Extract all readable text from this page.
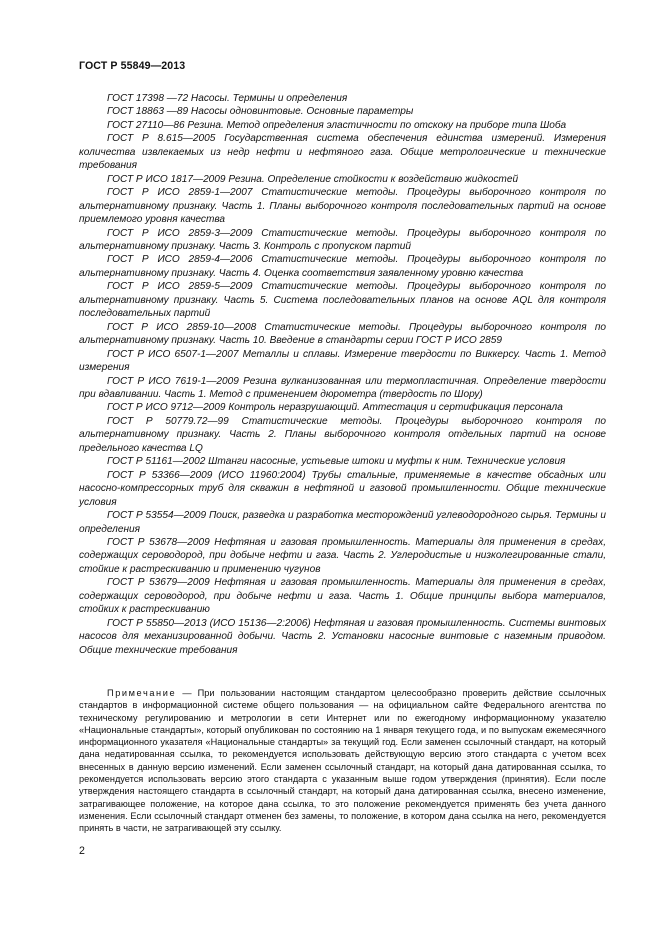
ГОСТ Р 55849—2013

ГОСТ 17398 —72 Насосы. Термины и определения

ГОСТ 18863 —89 Насосы одновинтовые. Основные параметры

ГОСТ 27110—86 Резина. Метод определения эластичности по отскоку на приборе типа Шоба

ГОСТ Р 8.615—2005 Государственная система обеспечения единства измерений. Измерения количества извлекаемых из недр нефти и нефтяного газа. Общие метрологические и технические требования

ГОСТ Р ИСО 1817—2009 Резина. Определение стойкости к воздействию жидкостей

ГОСТ Р ИСО 2859-1—2007 Статистические методы. Процедуры выборочного контроля по альтернативному признаку. Часть 1. Планы выборочного контроля последовательных партий на основе приемлемого уровня качества

ГОСТ Р ИСО 2859-3—2009 Статистические методы. Процедуры выборочного контроля по альтернативному признаку. Часть 3. Контроль с пропуском партий

ГОСТ Р ИСО 2859-4—2006 Статистические методы. Процедуры выборочного контроля по альтернативному признаку. Часть 4. Оценка соответствия заявленному уровню качества

ГОСТ Р ИСО 2859-5—2009 Статистические методы. Процедуры выборочного контроля по альтернативному признаку. Часть 5. Система последовательных планов на основе AQL для контроля последовательных партий

ГОСТ Р ИСО 2859-10—2008 Статистические методы. Процедуры выборочного контроля по альтернативному признаку. Часть 10. Введение в стандарты серии ГОСТ Р ИСО 2859

ГОСТ Р ИСО 6507-1—2007 Металлы и сплавы. Измерение твердости по Виккерсу. Часть 1. Метод измерения

ГОСТ Р ИСО 7619-1—2009 Резина вулканизованная или термопластичная. Определение твердости при вдавливании. Часть 1. Метод с применением дюрометра (твердость по Шору)

ГОСТ Р ИСО 9712—2009 Контроль неразрушающий. Аттестация и сертификация персонала

ГОСТ Р 50779.72—99 Статистические методы. Процедуры выборочного контроля по альтернативному признаку. Часть 2. Планы выборочного контроля отдельных партий на основе предельного качества LQ

ГОСТ Р 51161—2002 Штанги насосные, устьевые штоки и муфты к ним. Технические условия

ГОСТ Р 53366—2009 (ИСО 11960:2004) Трубы стальные, применяемые в качестве обсадных или насосно-компрессорных труб для скважин в нефтяной и газовой промышленности. Общие технические условия

ГОСТ Р 53554—2009 Поиск, разведка и разработка месторождений углеводородного сырья. Термины и определения

ГОСТ Р 53678—2009 Нефтяная и газовая промышленность. Материалы для применения в средах, содержащих сероводород, при добыче нефти и газа. Часть 2. Углеродистые и низколегированные стали, стойкие к растрескиванию и применению чугунов

ГОСТ Р 53679—2009 Нефтяная и газовая промышленность. Материалы для применения в средах, содержащих сероводород, при добыче нефти и газа. Часть 1. Общие принципы выбора материалов, стойких к растрескиванию

ГОСТ Р 55850—2013 (ИСО 15136—2:2006) Нефтяная и газовая промышленность. Системы винтовых насосов для механизированной добычи. Часть 2. Установки насосные винтовые с наземным приводом. Общие технические требования

Примечание — При пользовании настоящим стандартом целесообразно проверить действие ссылочных стандартов в информационной системе общего пользования — на официальном сайте Федерального агентства по техническому регулированию и метрологии в сети Интернет или по ежегодному информационному указателю «Национальные стандарты», который опубликован по состоянию на 1 января текущего года, и по выпускам ежемесячного информационного указателя «Национальные стандарты» за текущий год. Если заменен ссылочный стандарт, на который дана недатированная ссылка, то рекомендуется использовать действующую версию этого стандарта с учетом всех внесенных в данную версию изменений. Если заменен ссылочный стандарт, на который дана датированная ссылка, то рекомендуется использовать версию этого стандарта с указанным выше годом утверждения (принятия). Если после утверждения настоящего стандарта в ссылочный стандарт, на который дана датированная ссылка, внесено изменение, затрагивающее положение, на которое дана ссылка, то это положение рекомендуется применять без учета данного изменения. Если ссылочный стандарт отменен без замены, то положение, в котором дана ссылка на него, рекомендуется принять в части, не затрагивающей эту ссылку.

2
